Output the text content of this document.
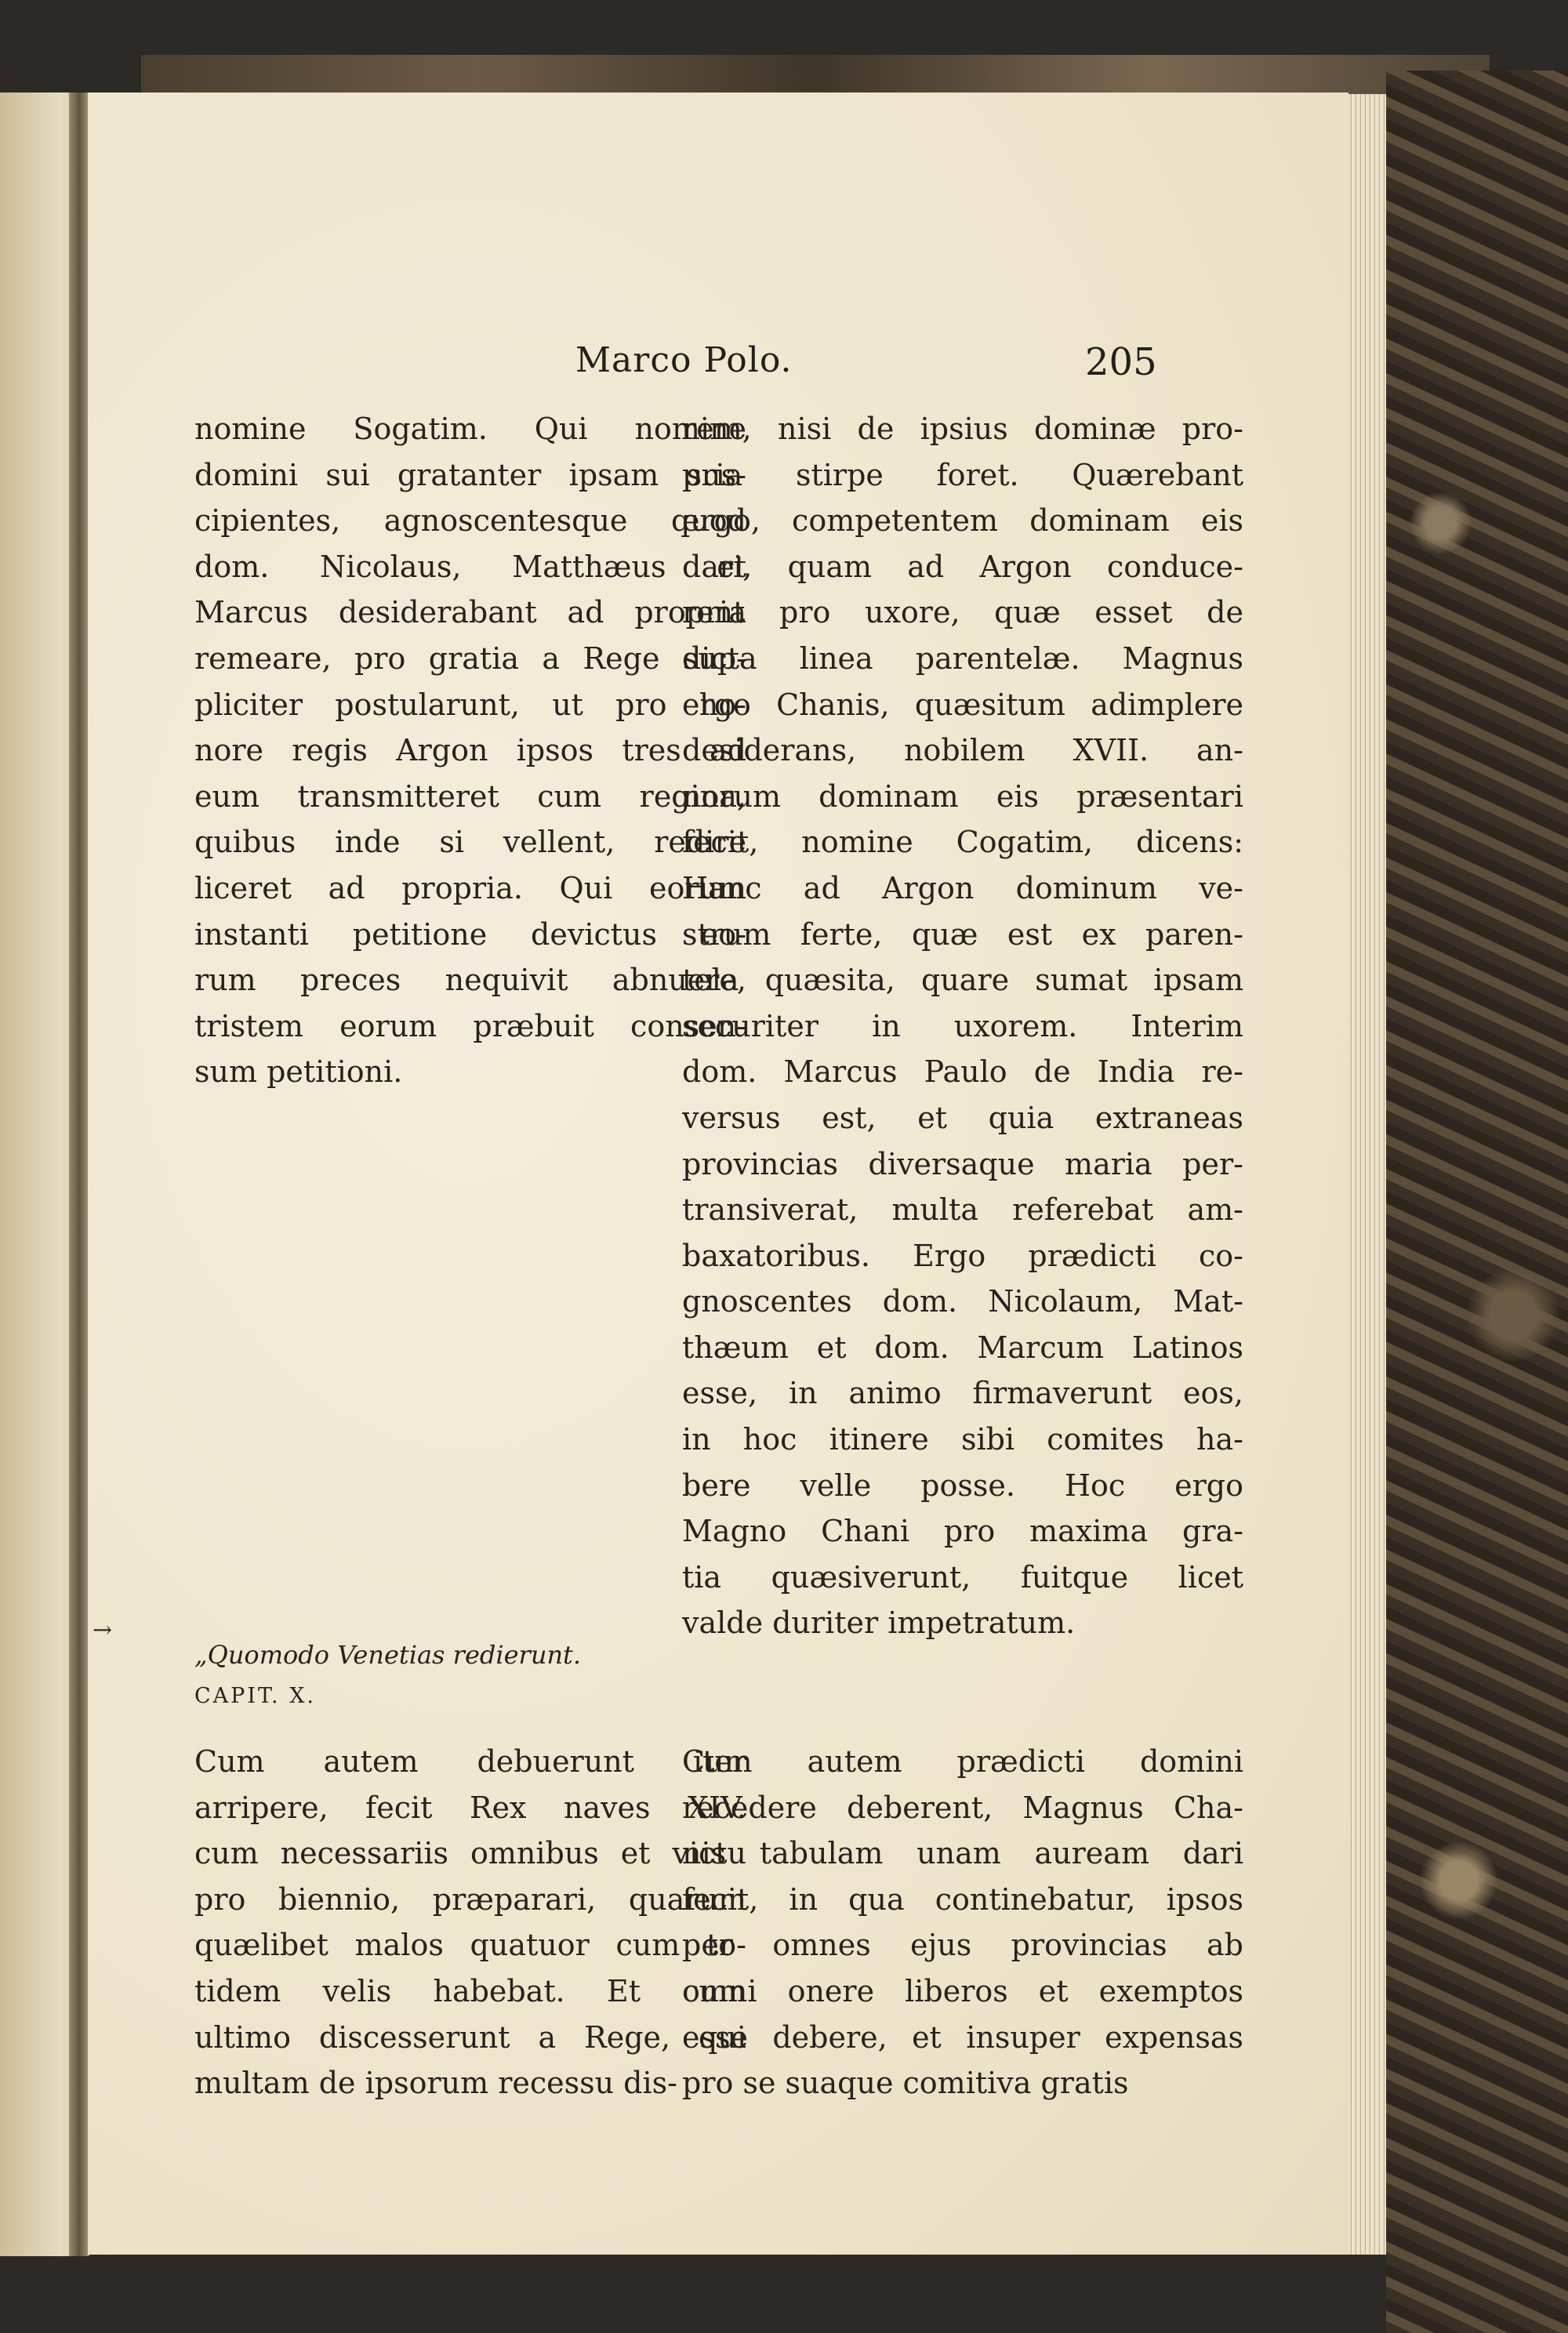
Marco Polo.	205
nomine Sogatim. Qui nomine
domini sui gratanter ipsam sus-
cipientes, agnoscentesque quod
dom. Nicolaus, Matthæus et
Marcus desiderabant ad propria
remeare, pro gratia a Rege sup-
pliciter postularunt, ut pro ho-
nore regis Argon ipsos tres ad
eum transmitteret cum regina,
quibus inde si vellent, redire
liceret ad propria. Qui eorum
instanti petitione devictus eo-
rum preces nequivit abnuere,
tristem eorum præbuit consen-
sum petitioni.
rem, nisi de ipsius dominæ pro-
pria stirpe foret. Quærebant
ergo, competentem dominam eis
dari, quam ad Argon conduce-
rent pro uxore, quæ esset de
dicta linea parentelæ. Magnus
ergo Chanis, quæsitum adimplere
desiderans, nobilem XVII. an-
norum dominam eis præsentari
fecit, nomine Cogatim, dicens:
Hanc ad Argon dominum ve-
strum ferte, quæ est ex paren-
tela quæsita, quare sumat ipsam
securiter in uxorem. Interim
dom. Marcus Paulo de India re-
versus est, et quia extraneas
provincias diversaque maria per-
transiverat, multa referebat am-
baxatoribus. Ergo prædicti co-
gnoscentes dom. Nicolaum, Mat-
thæum et dom. Marcum Latinos
esse, in animo firmaverunt eos,
in hoc itinere sibi comites ha-
bere velle posse. Hoc ergo
Magno Chani pro maxima gra-
tia quæsiverunt, fuitque licet
valde duriter impetratum.
„Quomodo Venetias redierunt.
CAPIT. X.
Cum autem debuerunt iter
arripere, fecit Rex naves XIV.
cum necessariis omnibus et victu
pro biennio, præparari, quarum
quælibet malos quatuor cum to-
tidem velis habebat. Et cum
ultimo discesserunt a Rege, qui
multam de ipsorum recessu dis-
Cum autem prædicti domini
recedere deberent, Magnus Cha-
nis tabulam unam auream dari
fecit, in qua continebatur, ipsos
per omnes ejus provincias ab
omni onere liberos et exemptos
esse debere, et insuper expensas
pro se suaque comitiva gratis
→
